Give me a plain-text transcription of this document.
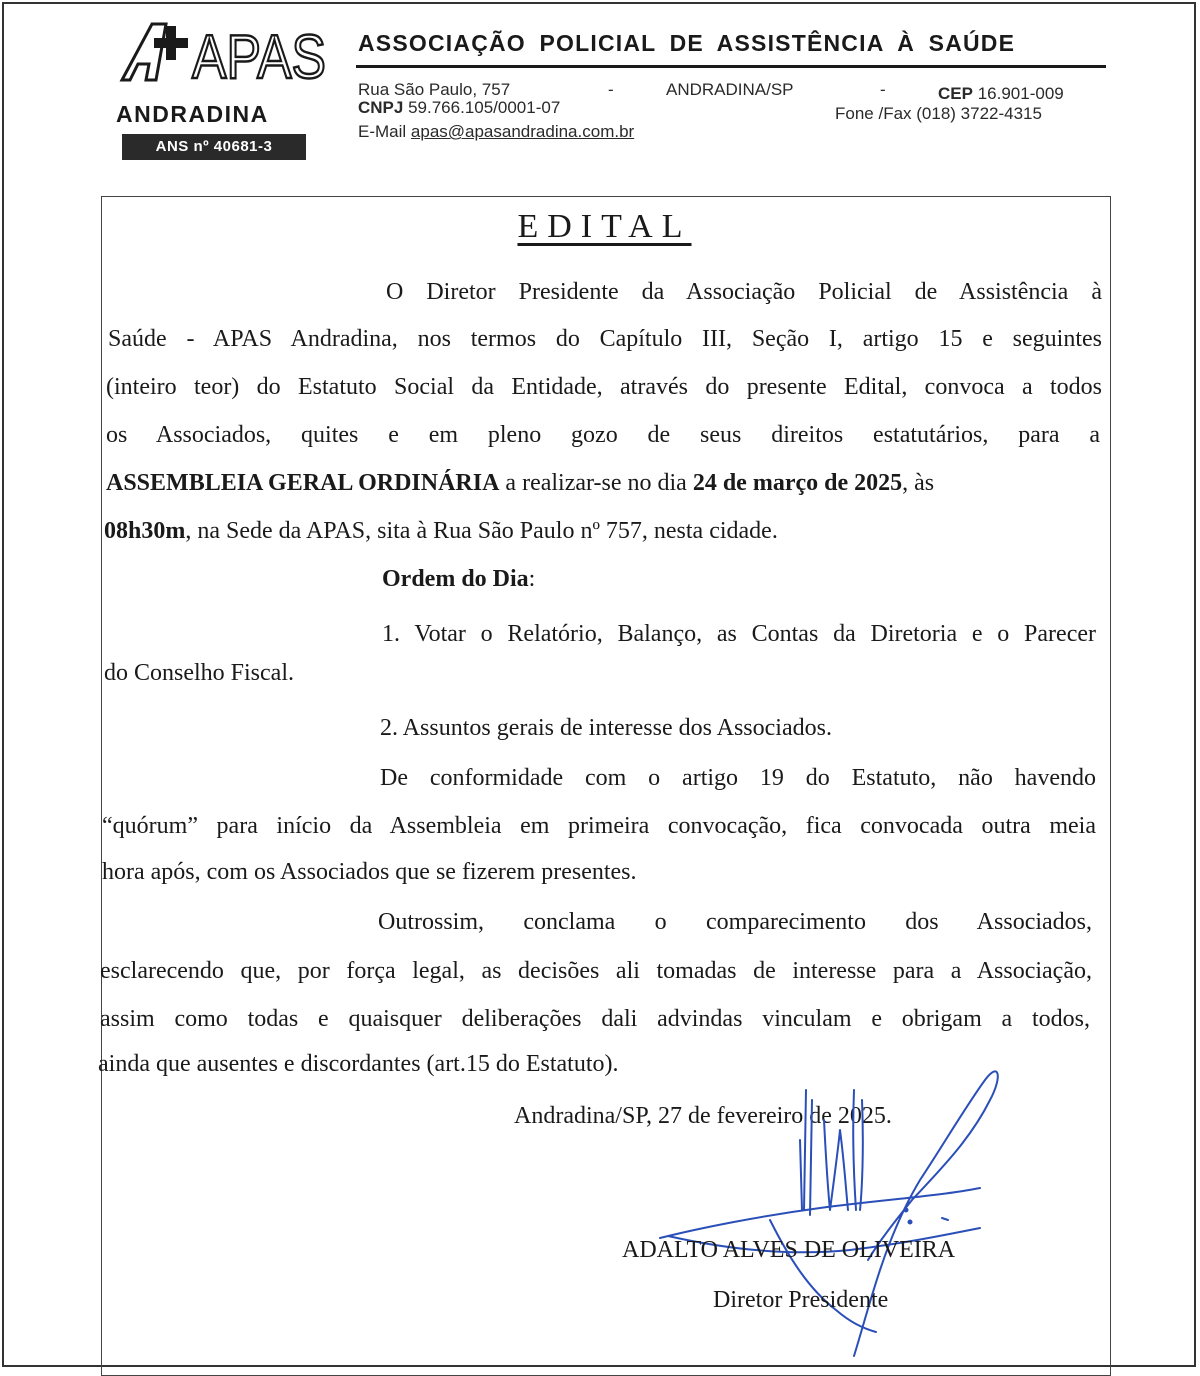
APAS
ANDRADINA
ANS nº 40681-3
ASSOCIAÇÃO POLICIAL DE ASSISTÊNCIA À SAÚDE
Rua São Paulo, 757	-	ANDRADINA/SP	-	CEP 16.901-009
CNPJ 59.766.105/0001-07	Fone /Fax (018) 3722-4315
E-Mail apas@apasandradina.com.br
EDITAL
O Diretor Presidente da Associação Policial de Assistência à
Saúde - APAS Andradina, nos termos do Capítulo III, Seção I, artigo 15 e seguintes
(inteiro teor) do Estatuto Social da Entidade, através do presente Edital, convoca a todos
os Associados, quites e em pleno gozo de seus direitos estatutários, para a
ASSEMBLEIA GERAL ORDINÁRIA a realizar-se no dia 24 de março de 2025, às
08h30m, na Sede da APAS, sita à Rua São Paulo nº 757, nesta cidade.
Ordem do Dia:
1. Votar o Relatório, Balanço, as Contas da Diretoria e o Parecer
do Conselho Fiscal.
2. Assuntos gerais de interesse dos Associados.
De conformidade com o artigo 19 do Estatuto, não havendo
“quórum” para início da Assembleia em primeira convocação, fica convocada outra meia
hora após, com os Associados que se fizerem presentes.
Outrossim, conclama o comparecimento dos Associados,
esclarecendo que, por força legal, as decisões ali tomadas de interesse para a Associação,
assim como todas e quaisquer deliberações dali advindas vinculam e obrigam a todos,
ainda que ausentes e discordantes (art.15 do Estatuto).
Andradina/SP, 27 de fevereiro de 2025.
ADALTO ALVES DE OLIVEIRA
Diretor Presidente
